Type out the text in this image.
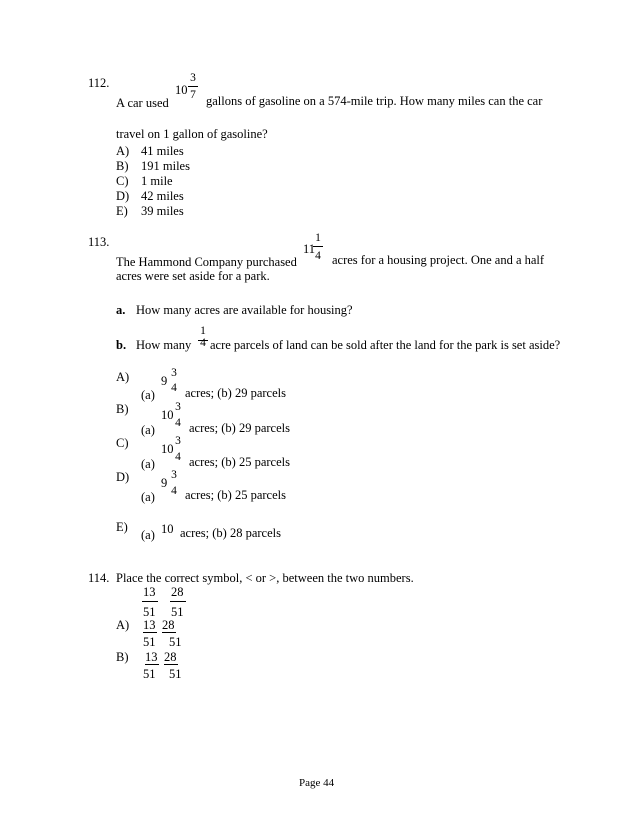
112.	10
3
7
A car used	gallons of gasoline on a 574-mile trip. How many miles can the car
travel on 1 gallon of gasoline?
A) 41 miles
B) 191 miles
C) 1 mile
D) 42 miles
E) 39 miles
113.	11
1
4
The Hammond Company purchased	acres for a housing project. One and a half
acres were set aside for a park.
a. How many acres are available for housing?
1
4
b. How many acre parcels of land can be sold after the land for the park is set aside?
A)	9
3
4
(a) acres; (b) 29 parcels
B)	10
3
4
(a)	acres; (b) 29 parcels
C)	10
3
4
(a)	acres; (b) 25 parcels
D)	9
3
4
(a) acres; (b) 25 parcels
E)
(a) 10 acres; (b) 28 parcels
114. Place the correct symbol, < or >, between the two numbers.
13
51
28
51
A) 13
51
28
51
B) 13
51
28
51
Page 44
